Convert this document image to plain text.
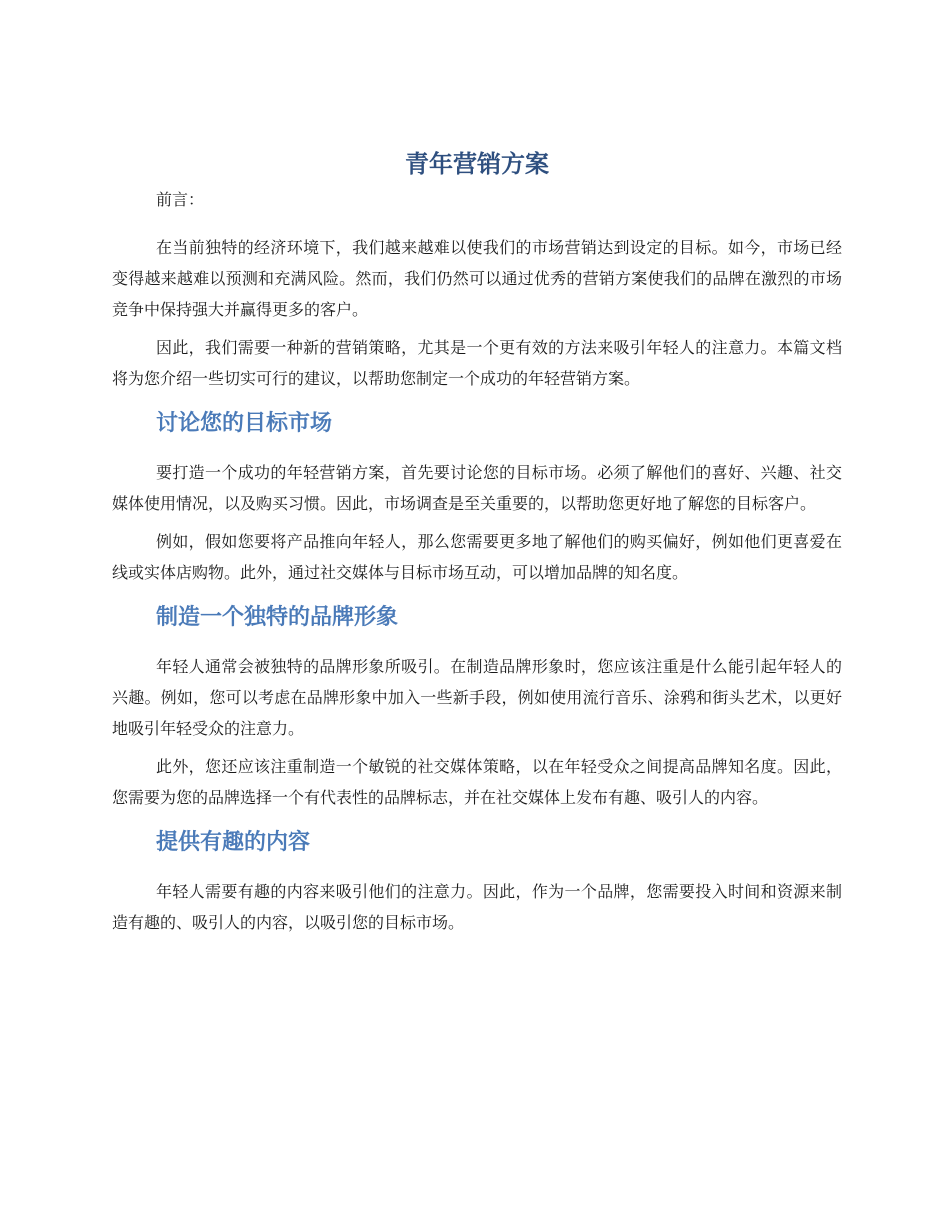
青年营销方案

前言：

在当前独特的经济环境下，我们越来越难以使我们的市场营销达到设定的目标。如今，市场已经变得越来越难以预测和充满风险。然而，我们仍然可以通过优秀的营销方案使我们的品牌在激烈的市场竞争中保持强大并赢得更多的客户。

因此，我们需要一种新的营销策略，尤其是一个更有效的方法来吸引年轻人的注意力。本篇文档将为您介绍一些切实可行的建议，以帮助您制定一个成功的年轻营销方案。

讨论您的目标市场

要打造一个成功的年轻营销方案，首先要讨论您的目标市场。必须了解他们的喜好、兴趣、社交媒体使用情况，以及购买习惯。因此，市场调查是至关重要的，以帮助您更好地了解您的目标客户。

例如，假如您要将产品推向年轻人，那么您需要更多地了解他们的购买偏好，例如他们更喜爱在线或实体店购物。此外，通过社交媒体与目标市场互动，可以增加品牌的知名度。

制造一个独特的品牌形象

年轻人通常会被独特的品牌形象所吸引。在制造品牌形象时，您应该注重是什么能引起年轻人的兴趣。例如，您可以考虑在品牌形象中加入一些新手段，例如使用流行音乐、涂鸦和街头艺术，以更好地吸引年轻受众的注意力。

此外，您还应该注重制造一个敏锐的社交媒体策略，以在年轻受众之间提高品牌知名度。因此，您需要为您的品牌选择一个有代表性的品牌标志，并在社交媒体上发布有趣、吸引人的内容。

提供有趣的内容

年轻人需要有趣的内容来吸引他们的注意力。因此，作为一个品牌，您需要投入时间和资源来制造有趣的、吸引人的内容，以吸引您的目标市场。
